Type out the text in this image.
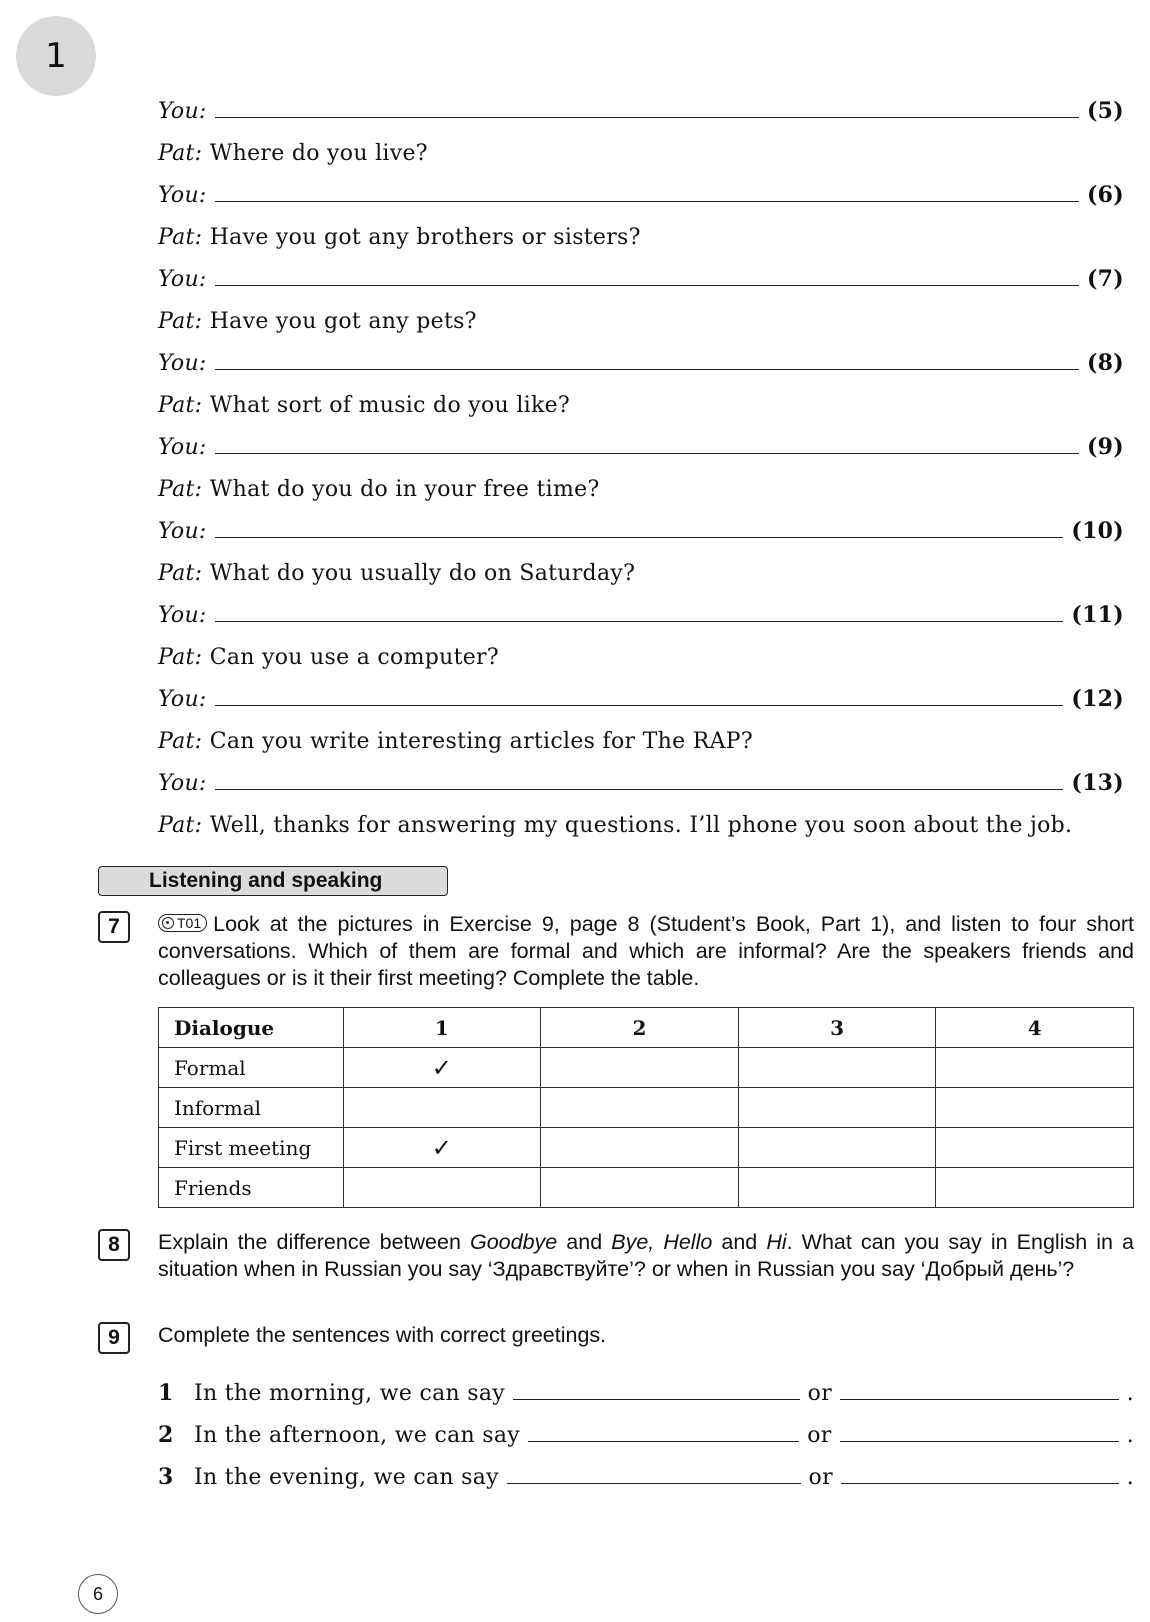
1
You:	(5)
Pat:
Where do you live?
You:	(6)
Pat:
Have you got any brothers or sisters?
You:	(7)
Pat:
Have you got any pets?
You:	(8)
Pat:
What sort of music do you like?
You:	(9)
Pat:
What do you do in your free time?
You:	(10)
Pat:
What do you usually do on Saturday?
You:	(11)
Pat:
Can you use a computer?
You:	(12)
Pat:
Can you write interesting articles for The RAP?
You:	(13)
Pat:
Well, thanks for answering my questions. I’ll phone you soon about the job.
Listening and speaking
7	T01 Look at the pictures in Exercise 9, page 8 (Student’s Book, Part 1), and listen to four short conversations. Which of them are formal and which are informal? Are the speakers friends and colleagues or is it their first meeting? Complete the table.
Dialogue	1	2	3	4
Formal	✓			
Informal				
First meeting	✓			
Friends				
8	Explain the difference between Goodbye and Bye, Hello and Hi. What can you say in English in a situation when in Russian you say ‘Здравствуйте’? or when in Russian you say ‘Добрый день’?
9	Complete the sentences with correct greetings.
1 In the morning, we can say	or	.
2 In the afternoon, we can say	or	.
3 In the evening, we can say	or	.
6
